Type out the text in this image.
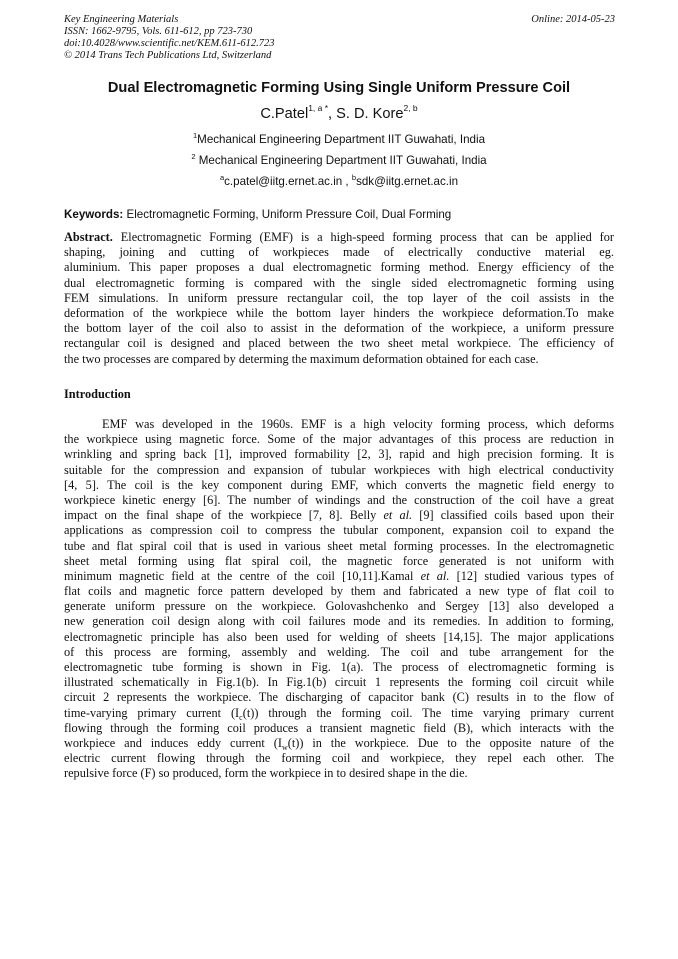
Key Engineering Materials
ISSN: 1662-9795, Vols. 611-612, pp 723-730
doi:10.4028/www.scientific.net/KEM.611-612.723
© 2014 Trans Tech Publications Ltd, Switzerland
Online: 2014-05-23
Dual Electromagnetic Forming Using Single Uniform Pressure Coil
C.Patel$^{1, a *}$, S. D. Kore$^{2, b}$
$^1$Mechanical Engineering Department IIT Guwahati, India
$^2$ Mechanical Engineering Department IIT Guwahati, India
$^a$c.patel@iitg.ernet.ac.in , $^b$sdk@iitg.ernet.ac.in
Keywords: Electromagnetic Forming, Uniform Pressure Coil, Dual Forming
Abstract. Electromagnetic Forming (EMF) is a high-speed forming process that can be applied for
shaping, joining and cutting of workpieces made of electrically conductive material eg.
aluminium. This paper proposes a dual electromagnetic forming method. Energy efficiency of the
dual electromagnetic forming is compared with the single sided electromagnetic forming using
FEM simulations. In uniform pressure rectangular coil, the top layer of the coil assists in the
deformation of the workpiece while the bottom layer hinders the workpiece deformation.To make
the bottom layer of the coil also to assist in the deformation of the workpiece, a uniform pressure
rectangular coil is designed and placed between the two sheet metal workpiece. The efficiency of
the two processes are compared by determing the maximum deformation obtained for each case.
Introduction
EMF was developed in the 1960s. EMF is a high velocity forming process, which deforms
the workpiece using magnetic force. Some of the major advantages of this process are reduction in
wrinkling and spring back [1], improved formability [2, 3], rapid and high precision forming. It is
suitable for the compression and expansion of tubular workpieces with high electrical conductivity
[4, 5]. The coil is the key component during EMF, which converts the magnetic field energy to
workpiece kinetic energy [6]. The number of windings and the construction of the coil have a great
impact on the final shape of the workpiece [7, 8]. Belly et al. [9] classified coils based upon their
applications as compression coil to compress the tubular component, expansion coil to expand the
tube and flat spiral coil that is used in various sheet metal forming processes. In the electromagnetic
sheet metal forming using flat spiral coil, the magnetic force generated is not uniform with
minimum magnetic field at the centre of the coil [10,11].Kamal et al. [12] studied various types of
flat coils and magnetic force pattern developed by them and fabricated a new type of flat coil to
generate uniform pressure on the workpiece. Golovashchenko and Sergey [13] also developed a
new generation coil design along with coil failures mode and its remedies. In addition to forming,
electromagnetic principle has also been used for welding of sheets [14,15]. The major applications
of this process are forming, assembly and welding. The coil and tube arrangement for the
electromagnetic tube forming is shown in Fig. 1(a). The process of electromagnetic forming is
illustrated schematically in Fig.1(b). In Fig.1(b) circuit 1 represents the forming coil circuit while
circuit 2 represents the workpiece. The discharging of capacitor bank (C) results in to the flow of
time-varying primary current $(I_c(t))$ through the forming coil. The time varying primary current
flowing through the forming coil produces a transient magnetic field (B), which interacts with the
workpiece and induces eddy current $(I_w(t))$ in the workpiece. Due to the opposite nature of the
electric current flowing through the forming coil and workpiece, they repel each other. The
repulsive force (F) so produced, form the workpiece in to desired shape in the die.
